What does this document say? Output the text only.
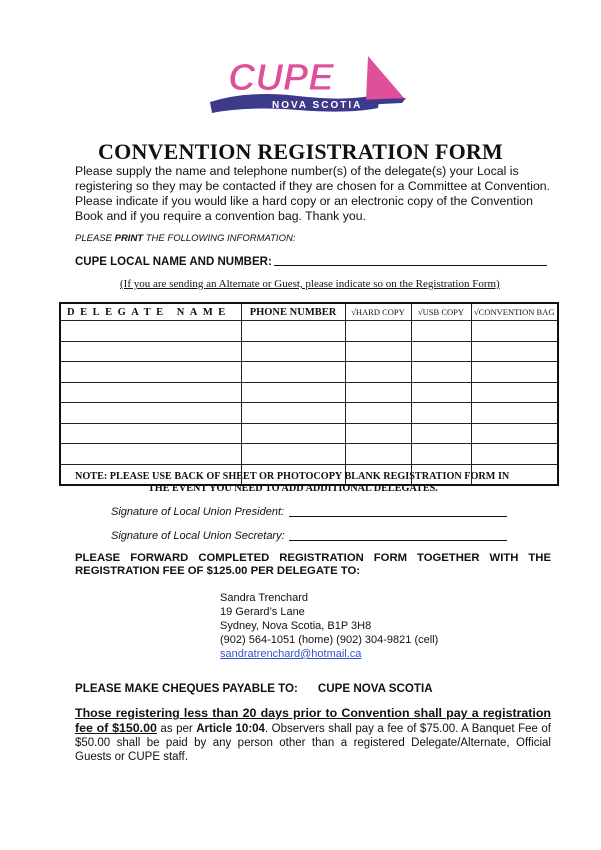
CUPE
NOVA SCOTIA
CONVENTION REGISTRATION FORM
Please supply the name and telephone number(s) of the delegate(s) your Local is registering so they may be contacted if they are chosen for a Committee at Convention. Please indicate if you would like a hard copy or an electronic copy of the Convention Book and if you require a convention bag. Thank you.
PLEASE PRINT THE FOLLOWING INFORMATION:
CUPE LOCAL NAME AND NUMBER:
(If you are sending an Alternate or Guest, please indicate so on the Registration Form)
DELEGATE NAME	PHONE NUMBER	√HARD COPY	√USB COPY	√CONVENTION BAG

NOTE: PLEASE USE BACK OF SHEET OR PHOTOCOPY BLANK REGISTRATION FORM IN
THE EVENT YOU NEED TO ADD ADDITIONAL DELEGATES.
Signature of Local Union President:
Signature of Local Union Secretary:
PLEASE FORWARD COMPLETED REGISTRATION FORM TOGETHER WITH THE REGISTRATION FEE OF $125.00 PER DELEGATE TO:
Sandra Trenchard
19 Gerard’s Lane
Sydney, Nova Scotia, B1P 3H8
(902) 564-1051 (home) (902) 304-9821 (cell)
sandratrenchard@hotmail.ca
PLEASE MAKE CHEQUES PAYABLE TO: CUPE NOVA SCOTIA
Those registering less than 20 days prior to Convention shall pay a registration fee of $150.00 as per Article 10:04. Observers shall pay a fee of $75.00. A Banquet Fee of $50.00 shall be paid by any person other than a registered Delegate/Alternate, Official Guests or CUPE staff.
